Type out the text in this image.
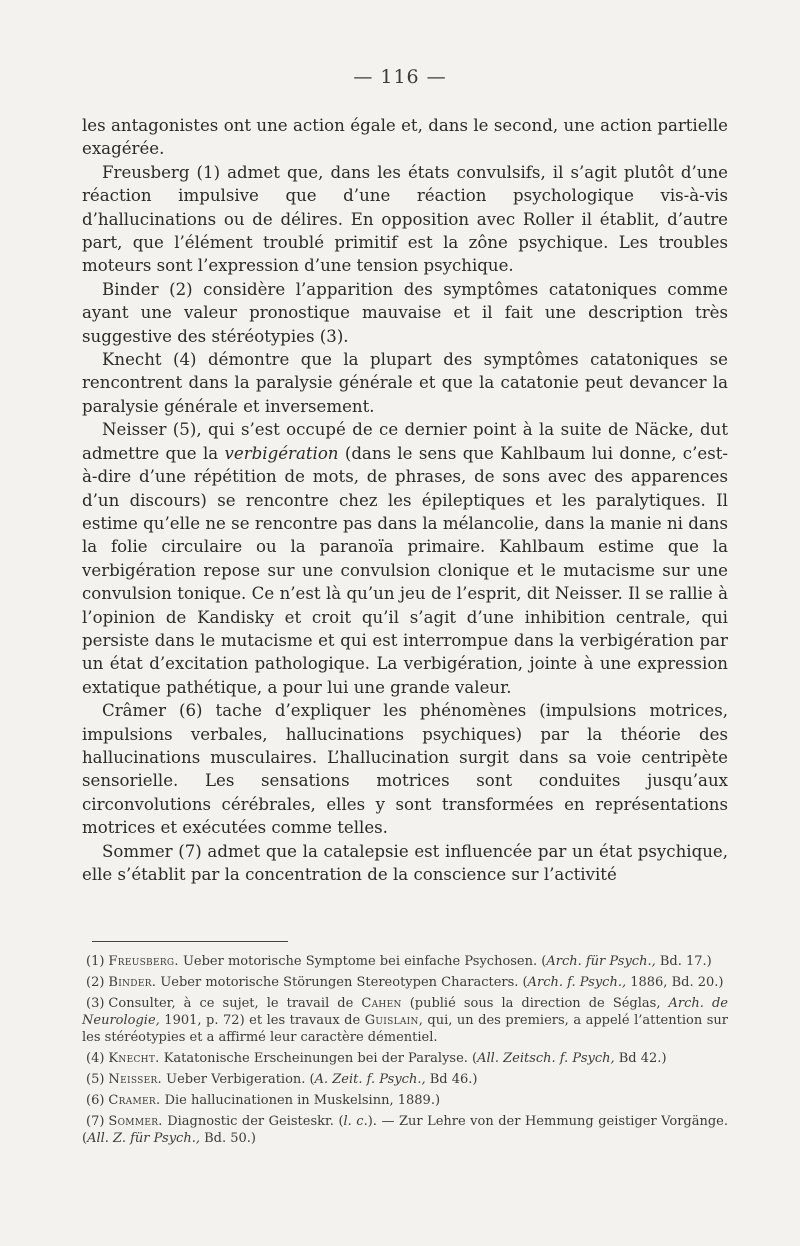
— 116 —

les antagonistes ont une action égale et, dans le second, une action partielle exagérée.

Freusberg (1) admet que, dans les états convulsifs, il s’agit plutôt d’une réaction impulsive que d’une réaction psychologique vis-à-vis d’hallucinations ou de délires. En opposition avec Roller il établit, d’autre part, que l’élément troublé primitif est la zône psychique. Les troubles moteurs sont l’expression d’une tension psychique.

Binder (2) considère l’apparition des symptômes catatoniques comme ayant une valeur pronostique mauvaise et il fait une description très suggestive des stéréotypies (3).

Knecht (4) démontre que la plupart des symptômes catatoniques se rencontrent dans la paralysie générale et que la catatonie peut devancer la paralysie générale et inversement.

Neisser (5), qui s’est occupé de ce dernier point à la suite de Näcke, dut admettre que la verbigération (dans le sens que Kahlbaum lui donne, c’est-à-dire d’une répétition de mots, de phrases, de sons avec des apparences d’un discours) se rencontre chez les épileptiques et les paralytiques. Il estime qu’elle ne se rencontre pas dans la mélancolie, dans la manie ni dans la folie circulaire ou la paranoïa primaire. Kahlbaum estime que la verbigération repose sur une convulsion clonique et le mutacisme sur une convulsion tonique. Ce n’est là qu’un jeu de l’esprit, dit Neisser. Il se rallie à l’opinion de Kandisky et croit qu’il s’agit d’une inhibition centrale, qui persiste dans le mutacisme et qui est interrompue dans la verbigération par un état d’excitation pathologique. La verbigération, jointe à une expression extatique pathétique, a pour lui une grande valeur.

Crâmer (6) tache d’expliquer les phénomènes (impulsions motrices, impulsions verbales, hallucinations psychiques) par la théorie des hallucinations musculaires. L’hallucination surgit dans sa voie centripète sensorielle. Les sensations motrices sont conduites jusqu’aux circonvolutions cérébrales, elles y sont transformées en représentations motrices et exécutées comme telles.

Sommer (7) admet que la catalepsie est influencée par un état psychique, elle s’établit par la concentration de la conscience sur l’activité

(1) Freusberg. Ueber motorische Symptome bei einfache Psychosen. (Arch. für Psych., Bd. 17.)

(2) Binder. Ueber motorische Störungen Stereotypen Characters. (Arch. f. Psych., 1886, Bd. 20.)

(3) Consulter, à ce sujet, le travail de Cahen (publié sous la direction de Séglas, Arch. de Neurologie, 1901, p. 72) et les travaux de Guislain, qui, un des premiers, a appelé l’attention sur les stéréotypies et a affirmé leur caractère démentiel.

(4) Knecht. Katatonische Erscheinungen bei der Paralyse. (All. Zeitsch. f. Psych, Bd 42.)

(5) Neisser. Ueber Verbigeration. (A. Zeit. f. Psych., Bd 46.)

(6) Cramer. Die hallucinationen in Muskelsinn, 1889.)

(7) Sommer. Diagnostic der Geisteskr. (l. c.). — Zur Lehre von der Hemmung geistiger Vorgänge. (All. Z. für Psych., Bd. 50.)
